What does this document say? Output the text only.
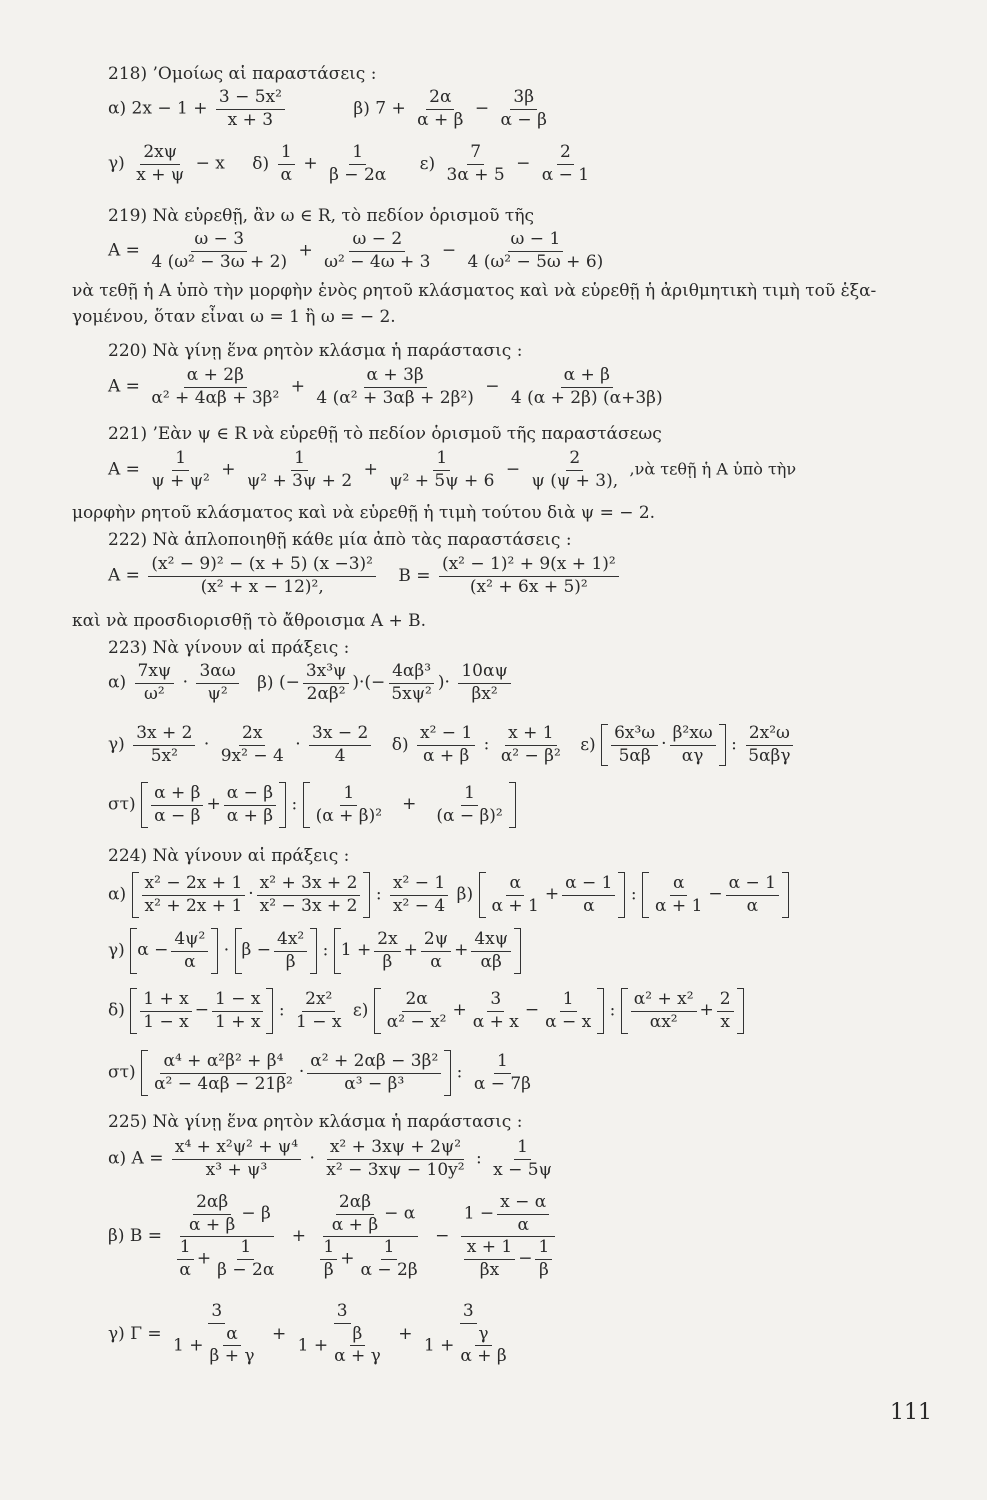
218) ’Ομοίως αἱ παραστάσεις :
α) $2x - 1 + \frac{\text{3 − 5x²}}{x + 3}$	β) $7 + \frac{2\alpha}{\alpha + \beta} - \frac{3\beta}{\alpha - \beta}$
$\gamma) \frac{2x\psi}{x + \psi} - x$ $\delta) \frac{1}{\alpha} + \frac{1}{\beta - 2\alpha} \varepsilon) \frac{7}{3\alpha + 5} - \frac{2}{\alpha - 1}$
219) Νὰ εὑρεθῇ, ἂν ω ∈ R, τὸ πεδίον ὁρισμοῦ τῆς
$A = \frac{\omega - 3}{\text{4 (ω² − 3ω + 2)}} + \frac{\omega - 2}{\text{ω² − 4ω + 3}} - \frac{\omega - 1}{\text{4 (ω² − 5ω + 6)}}$
νὰ τεθῇ ἡ A ὑπὸ τὴν μορφὴν ἑνὸς ρητοῦ κλάσματος καὶ νὰ εὑρεθῇ ἡ ἀριθμητικὴ τιμὴ τοῦ ἑξα-
γομένου, ὅταν εἶναι ω = 1 ἢ ω = − 2.
220) Νὰ γίνῃ ἕνα ρητὸν κλάσμα ἡ παράστασις :
$A = \frac{\alpha + 2\beta}{\text{α² + 4αβ + 3β²}} + \frac{\alpha + 3\beta}{\text{4 (α² + 3αβ + 2β²)}} - \frac{\alpha + \beta}{4 (\alpha + 2\beta) (\alpha+3\beta)}$
221) ’Εὰν ψ ∈ R νὰ εὑρεθῇ τὸ πεδίον ὁρισμοῦ τῆς παραστάσεως
$A = \frac{1}{\text{ψ + ψ²}} + \frac{1}{\text{ψ² + 3ψ + 2}} + \frac{1}{\text{ψ² + 5ψ + 6}} - \frac{2}{\psi (\psi + 3),}$ ,νὰ τεθῇ ἡ A ὑπὸ τὴν
μορφὴν ρητοῦ κλάσματος καὶ νὰ εὑρεθῇ ἡ τιμὴ τούτου διὰ ψ = − 2.
222) Νὰ ἁπλοποιηθῇ κάθε μία ἀπὸ τὰς παραστάσεις :
$A = \frac{\text{(x² − 9)² − (x + 5) (x −3)²}}{\text{(x² + x − 12)²,}}$ $B = \frac{\text{(x² − 1)² + 9(x + 1)²}}{\text{(x² + 6x + 5)²}}$
καὶ νὰ προσδιορισθῇ τὸ ἄθροισμα A + B.
223) Νὰ γίνουν αἱ πράξεις :
$\alpha) \frac{7x\psi}{\text{ω²}} \cdot \frac{3\alpha\omega}{\text{ψ²}} \beta$) (− $\frac{\text{3x³ψ}}{\text{2αβ²}}$ )·(− $\frac{\text{4αβ³}}{\text{5xψ²}}$ )· $\frac{10\alpha\psi}{\text{βx²}}$
$\gamma) \frac{3x + 2}{\text{5x²}} \cdot \frac{2x}{\text{9x² − 4}} \cdot \frac{3x - 2}{4} \delta) \frac{\text{x² − 1}}{\alpha + \beta}$ : $\frac{x + 1}{\text{α² − β²}} \varepsilon$)
6x³ω
5αβ
·
β²xω
αγ
:
2x²ω
5αβγ
στ)
α + β
α − β
+ $\frac{\alpha - \beta}{\alpha + \beta}$ :
1
(α + β)²
+ $\frac{1}{\text{(α − β)²}}$
224) Νὰ γίνουν αἱ πράξεις :
α)
x² − 2x + 1
x² + 2x + 1
·
x² + 3x + 2
x² − 3x + 2
: $\frac{\text{x² − 1}}{\text{x² − 4}} \beta$)
α
α + 1
+ $\frac{\alpha - 1}{\alpha}$ :
α
α + 1
− $\frac{\alpha - 1}{\alpha}$
γ) $\alpha - \frac{\text{4ψ²}}{\alpha} \cdot \beta - \frac{\text{4x²}}{\beta}$ : $1 + \frac{2x}{\beta} + \frac{2\psi}{\alpha} + \frac{4x\psi}{\alpha\beta}$
δ)
1 + x
1 − x
− $\frac{1 - x}{1 + x}$ : $\frac{\text{2x²}}{1 - x} \varepsilon$)
2α
α² − x²
+ $\frac{3}{\alpha + x} - \frac{1}{\alpha - x}$ :
α² + x²
αx²
+ $\frac{2}{x}$
στ)
α⁴ + α²β² + β⁴
α² − 4αβ − 21β²
·
α² + 2αβ − 3β²
α³ − β³
: $\frac{1}{\alpha - 7\beta}$
225) Νὰ γίνῃ ἕνα ρητὸν κλάσμα ἡ παράστασις :
α) $A = \frac{\text{x⁴ + x²ψ² + ψ⁴}}{\text{x³ + ψ³}} \cdot \frac{\text{x² + 3xψ + 2ψ²}}{\text{x² − 3xψ − 10y²}}$ : $\frac{1}{x - 5\psi}$
β) B =
$\frac{2\alpha\beta}{\alpha + \beta} - \beta$
$\frac{1}{\alpha} + \frac{1}{\beta - 2\alpha}$
+
$\frac{2\alpha\beta}{\alpha + \beta} - \alpha$
$\frac{1}{\beta} + \frac{1}{\alpha - 2\beta}$
− $\frac{1 - \frac{x - \alpha}{\alpha}}{\frac{x + 1}{\beta x} - \frac{1}{\beta}}$
γ) $\Gamma = \frac{3}{1 + \frac{\alpha}{\beta + \gamma}} + \frac{3}{1 + \frac{\beta}{\alpha + \gamma}} + \frac{3}{1 + \frac{\gamma}{\alpha + \beta}}$
111
